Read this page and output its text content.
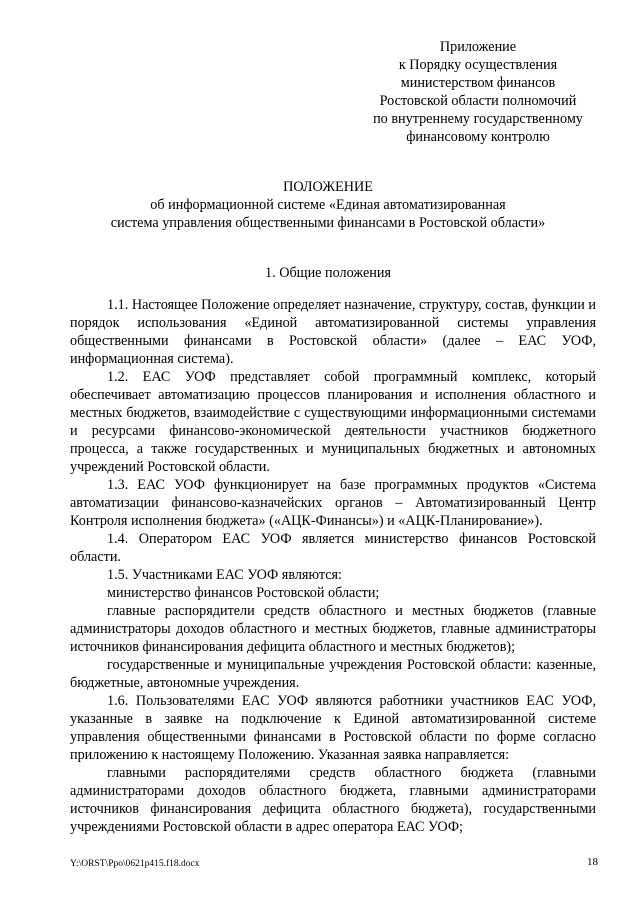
Приложение
к Порядку осуществления
министерством финансов
Ростовской области полномочий
по внутреннему государственному
финансовому контролю
ПОЛОЖЕНИЕ
об информационной системе «Единая автоматизированная
система управления общественными финансами в Ростовской области»
1. Общие положения

1.1. Настоящее Положение определяет назначение, структуру, состав, функции и порядок использования «Единой автоматизированной системы управления общественными финансами в Ростовской области» (далее – ЕАС УОФ, информационная система).

1.2. ЕАС УОФ представляет собой программный комплекс, который обеспечивает автоматизацию процессов планирования и исполнения областного и местных бюджетов, взаимодействие с существующими информационными системами и ресурсами финансово-экономической деятельности участников бюджетного процесса, а также государственных и муниципальных бюджетных и автономных учреждений Ростовской области.

1.3. ЕАС УОФ функционирует на базе программных продуктов «Система автоматизации финансово-казначейских органов – Автоматизированный Центр Контроля исполнения бюджета» («АЦК-Финансы») и «АЦК-Планирование»).

1.4. Оператором ЕАС УОФ является министерство финансов Ростовской области.

1.5. Участниками ЕАС УОФ являются:

министерство финансов Ростовской области;

главные распорядители средств областного и местных бюджетов (главные администраторы доходов областного и местных бюджетов, главные администраторы источников финансирования дефицита областного и местных бюджетов);

государственные и муниципальные учреждения Ростовской области: казенные, бюджетные, автономные учреждения.

1.6. Пользователями ЕАС УОФ являются работники участников ЕАС УОФ, указанные в заявке на подключение к Единой автоматизированной системе управления общественными финансами в Ростовской области по форме согласно приложению к настоящему Положению. Указанная заявка направляется:

главными распорядителями средств областного бюджета (главными администраторами доходов областного бюджета, главными администраторами источников финансирования дефицита областного бюджета), государственными учреждениями Ростовской области в адрес оператора ЕАС УОФ;

Y:\ORST\Ppo\0621p415.f18.docx	18
